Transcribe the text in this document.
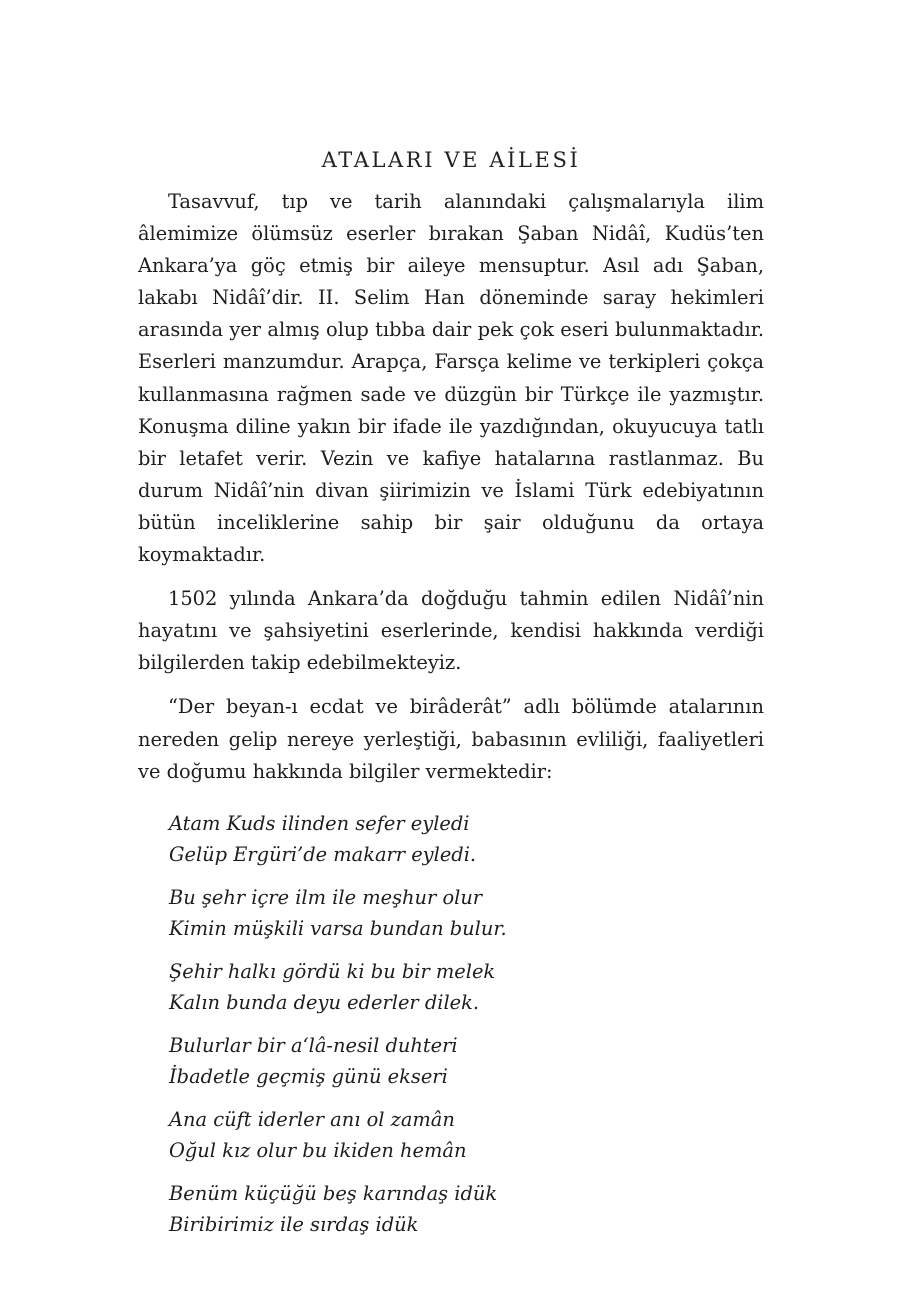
ATALARI VE AİLESİ

Tasavvuf, tıp ve tarih alanındaki çalışmalarıyla ilim âlemimize ölümsüz eserler bırakan Şaban Nidâî, Kudüs’ten Ankara’ya göç etmiş bir aileye mensuptur. Asıl adı Şaban, lakabı Nidâî’dir. II. Selim Han döneminde saray hekimleri arasında yer almış olup tıbba dair pek çok eseri bulunmaktadır. Eserleri manzumdur. Arapça, Farsça kelime ve terkipleri çokça kullanmasına rağmen sade ve düzgün bir Türkçe ile yazmıştır. Konuşma diline yakın bir ifade ile yazdığından, okuyucuya tatlı bir letafet verir. Vezin ve kafiye hatalarına rastlanmaz. Bu durum Nidâî’nin divan şiirimizin ve İslami Türk edebiyatının bütün inceliklerine sahip bir şair olduğunu da ortaya koymaktadır.

1502 yılında Ankara’da doğduğu tahmin edilen Nidâî’nin hayatını ve şahsiyetini eserlerinde, kendisi hakkında verdiği bilgilerden takip edebilmekteyiz.

“Der beyan-ı ecdat ve birâderât” adlı bölümde atalarının nereden gelip nereye yerleştiği, babasının evliliği, faaliyetleri ve doğumu hakkında bilgiler vermektedir:

Atam Kuds ilinden sefer eyledi
Gelüp Ergüri’de makarr eyledi.
Bu şehr içre ilm ile meşhur olur
Kimin müşkili varsa bundan bulur.
Şehir halkı gördü ki bu bir melek
Kalın bunda deyu ederler dilek.
Bulurlar bir a‘lâ-nesil duhteri
İbadetle geçmiş günü ekseri
Ana cüft iderler anı ol zamân
Oğul kız olur bu ikiden hemân
Benüm küçüğü beş karındaş idük
Biribirimiz ile sırdaş idük
